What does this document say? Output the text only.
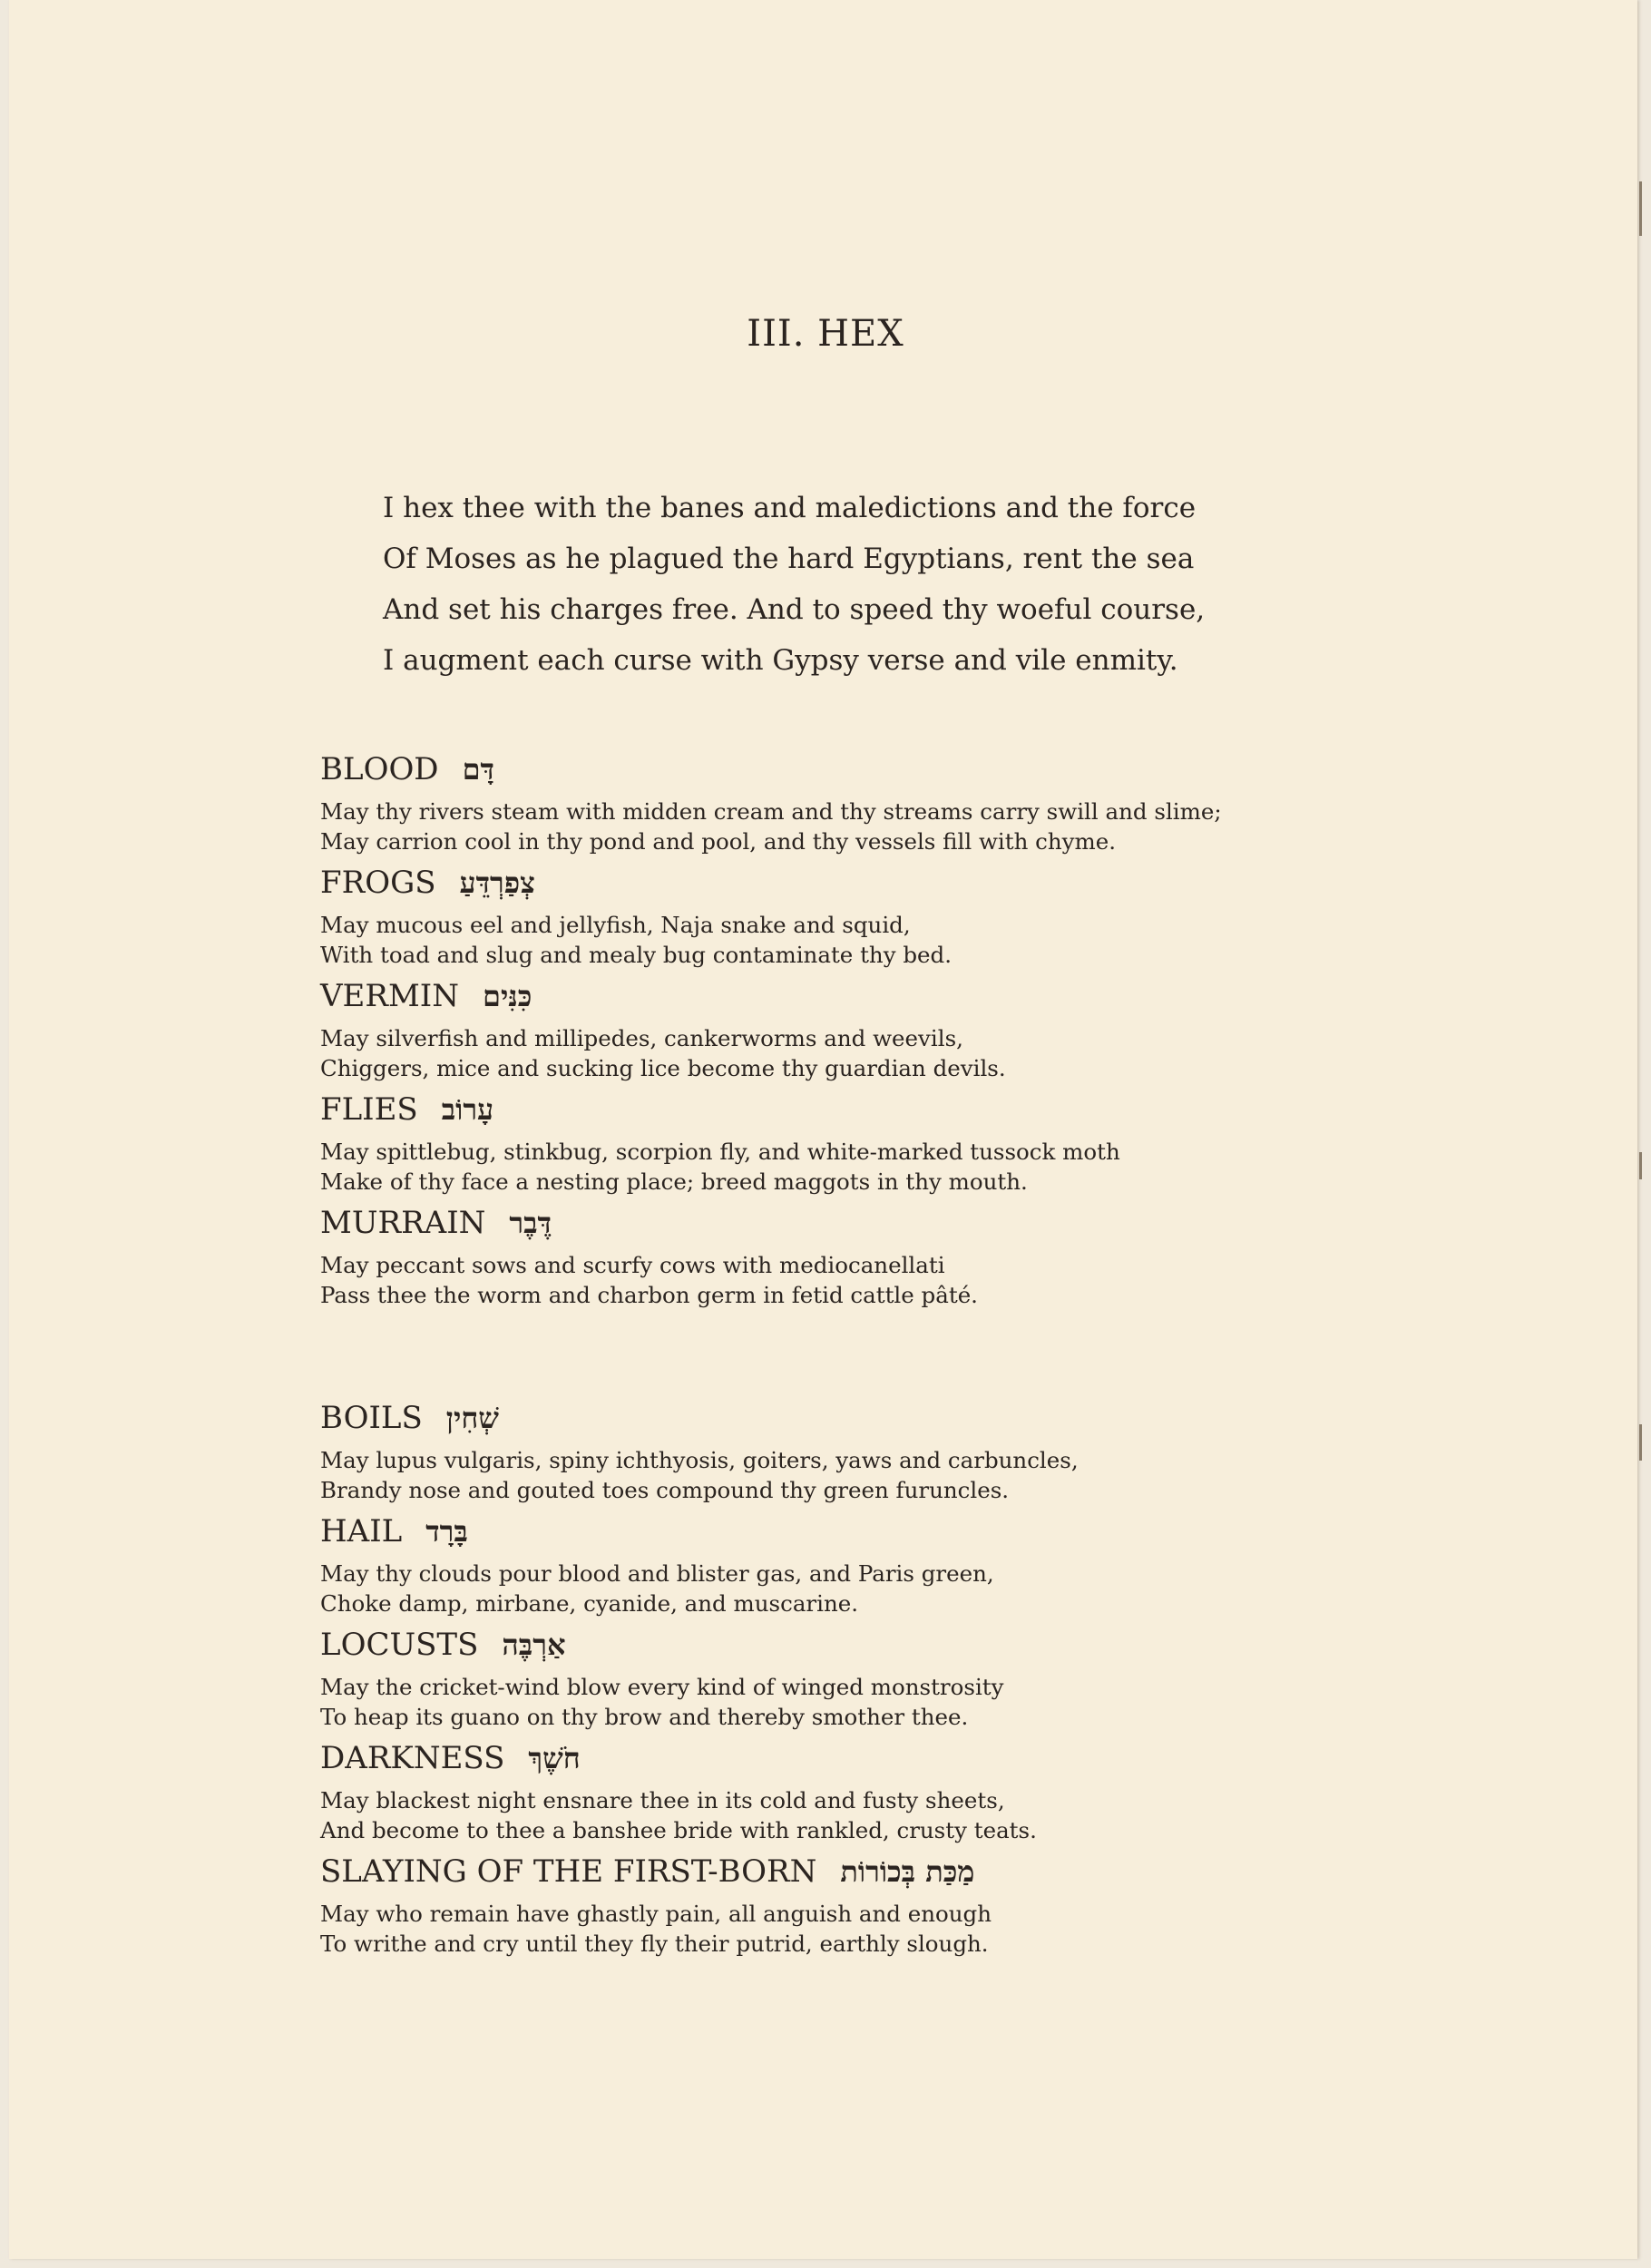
III. HEX
I hex thee with the banes and maledictions and the force
Of Moses as he plagued the hard Egyptians, rent the sea
And set his charges free. And to speed thy woeful course,
I augment each curse with Gypsy verse and vile enmity.
BLOOD דָּם
May thy rivers steam with midden cream and thy streams carry swill and slime;
May carrion cool in thy pond and pool, and thy vessels fill with chyme.
FROGS צְפַרְדֵּעַ
May mucous eel and jellyfish, Naja snake and squid,
With toad and slug and mealy bug contaminate thy bed.
VERMIN כִּנִּים
May silverfish and millipedes, cankerworms and weevils,
Chiggers, mice and sucking lice become thy guardian devils.
FLIES עָרוֹב
May spittlebug, stinkbug, scorpion fly, and white-marked tussock moth
Make of thy face a nesting place; breed maggots in thy mouth.
MURRAIN דֶּבֶר
May peccant sows and scurfy cows with mediocanellati
Pass thee the worm and charbon germ in fetid cattle pâté.
BOILS שְׁחִין
May lupus vulgaris, spiny ichthyosis, goiters, yaws and carbuncles,
Brandy nose and gouted toes compound thy green furuncles.
HAIL בָּרָד
May thy clouds pour blood and blister gas, and Paris green,
Choke damp, mirbane, cyanide, and muscarine.
LOCUSTS אַרְבֶּה
May the cricket-wind blow every kind of winged monstrosity
To heap its guano on thy brow and thereby smother thee.
DARKNESS חֹשֶׁךְ
May blackest night ensnare thee in its cold and fusty sheets,
And become to thee a banshee bride with rankled, crusty teats.
SLAYING OF THE FIRST-BORN מַכַּת בְּכוֹרוֹת
May who remain have ghastly pain, all anguish and enough
To writhe and cry until they fly their putrid, earthly slough.
